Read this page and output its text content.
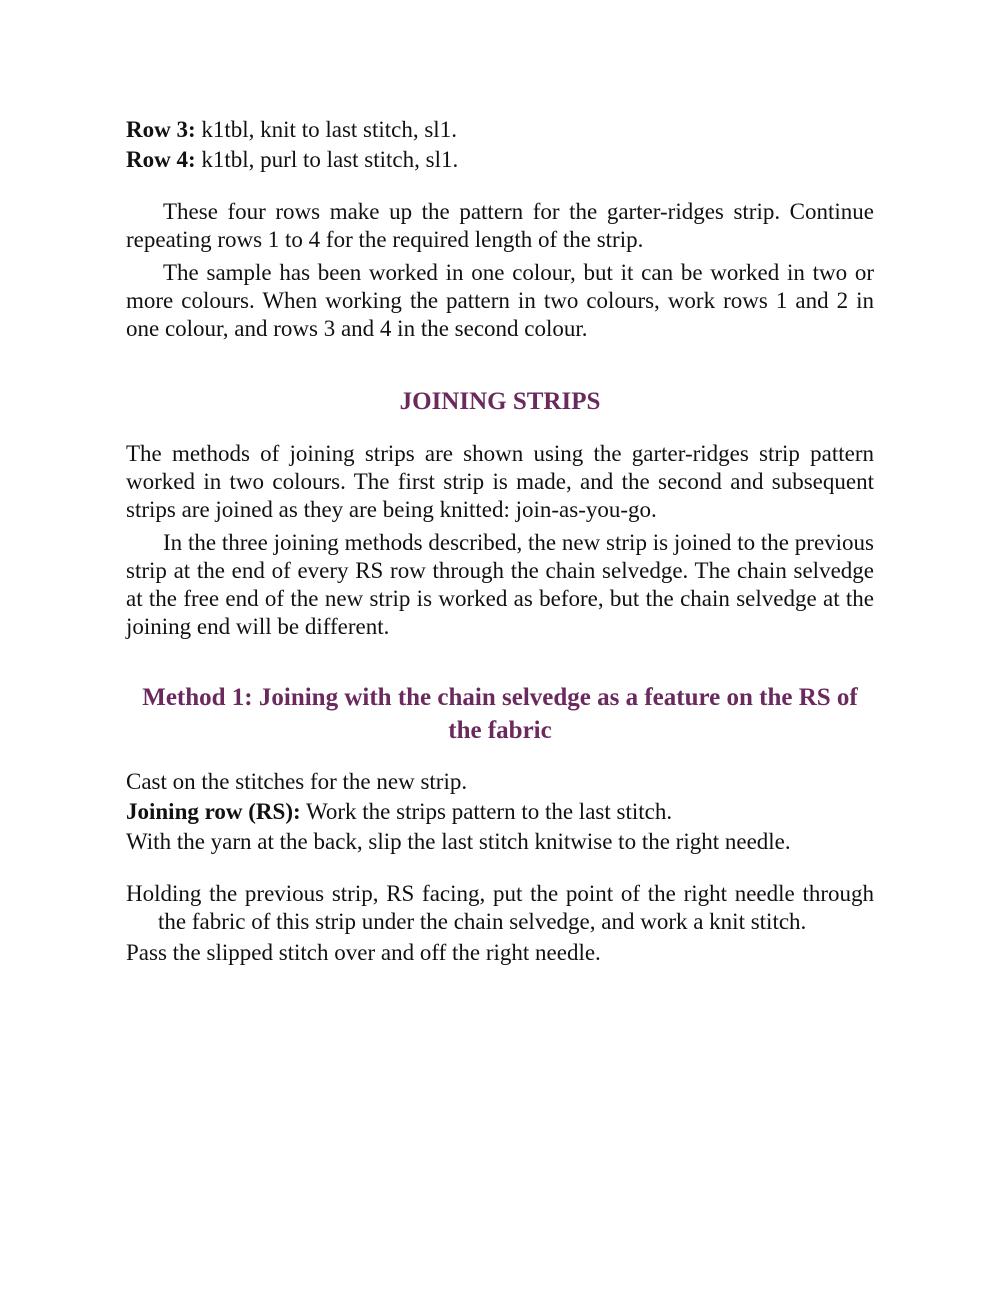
Row 3: k1tbl, knit to last stitch, sl1.

Row 4: k1tbl, purl to last stitch, sl1.

These four rows make up the pattern for the garter-ridges strip. Continue repeating rows 1 to 4 for the required length of the strip.

The sample has been worked in one colour, but it can be worked in two or more colours. When working the pattern in two colours, work rows 1 and 2 in one colour, and rows 3 and 4 in the second colour.

JOINING STRIPS

The methods of joining strips are shown using the garter-ridges strip pattern worked in two colours. The first strip is made, and the second and subsequent strips are joined as they are being knitted: join-as-you-go.

In the three joining methods described, the new strip is joined to the previous strip at the end of every RS row through the chain selvedge. The chain selvedge at the free end of the new strip is worked as before, but the chain selvedge at the joining end will be different.

Method 1: Joining with the chain selvedge as a feature on the RS of the fabric

Cast on the stitches for the new strip.

Joining row (RS): Work the strips pattern to the last stitch.

With the yarn at the back, slip the last stitch knitwise to the right needle.

Holding the previous strip, RS facing, put the point of the right needle through the fabric of this strip under the chain selvedge, and work a knit stitch.

Pass the slipped stitch over and off the right needle.
